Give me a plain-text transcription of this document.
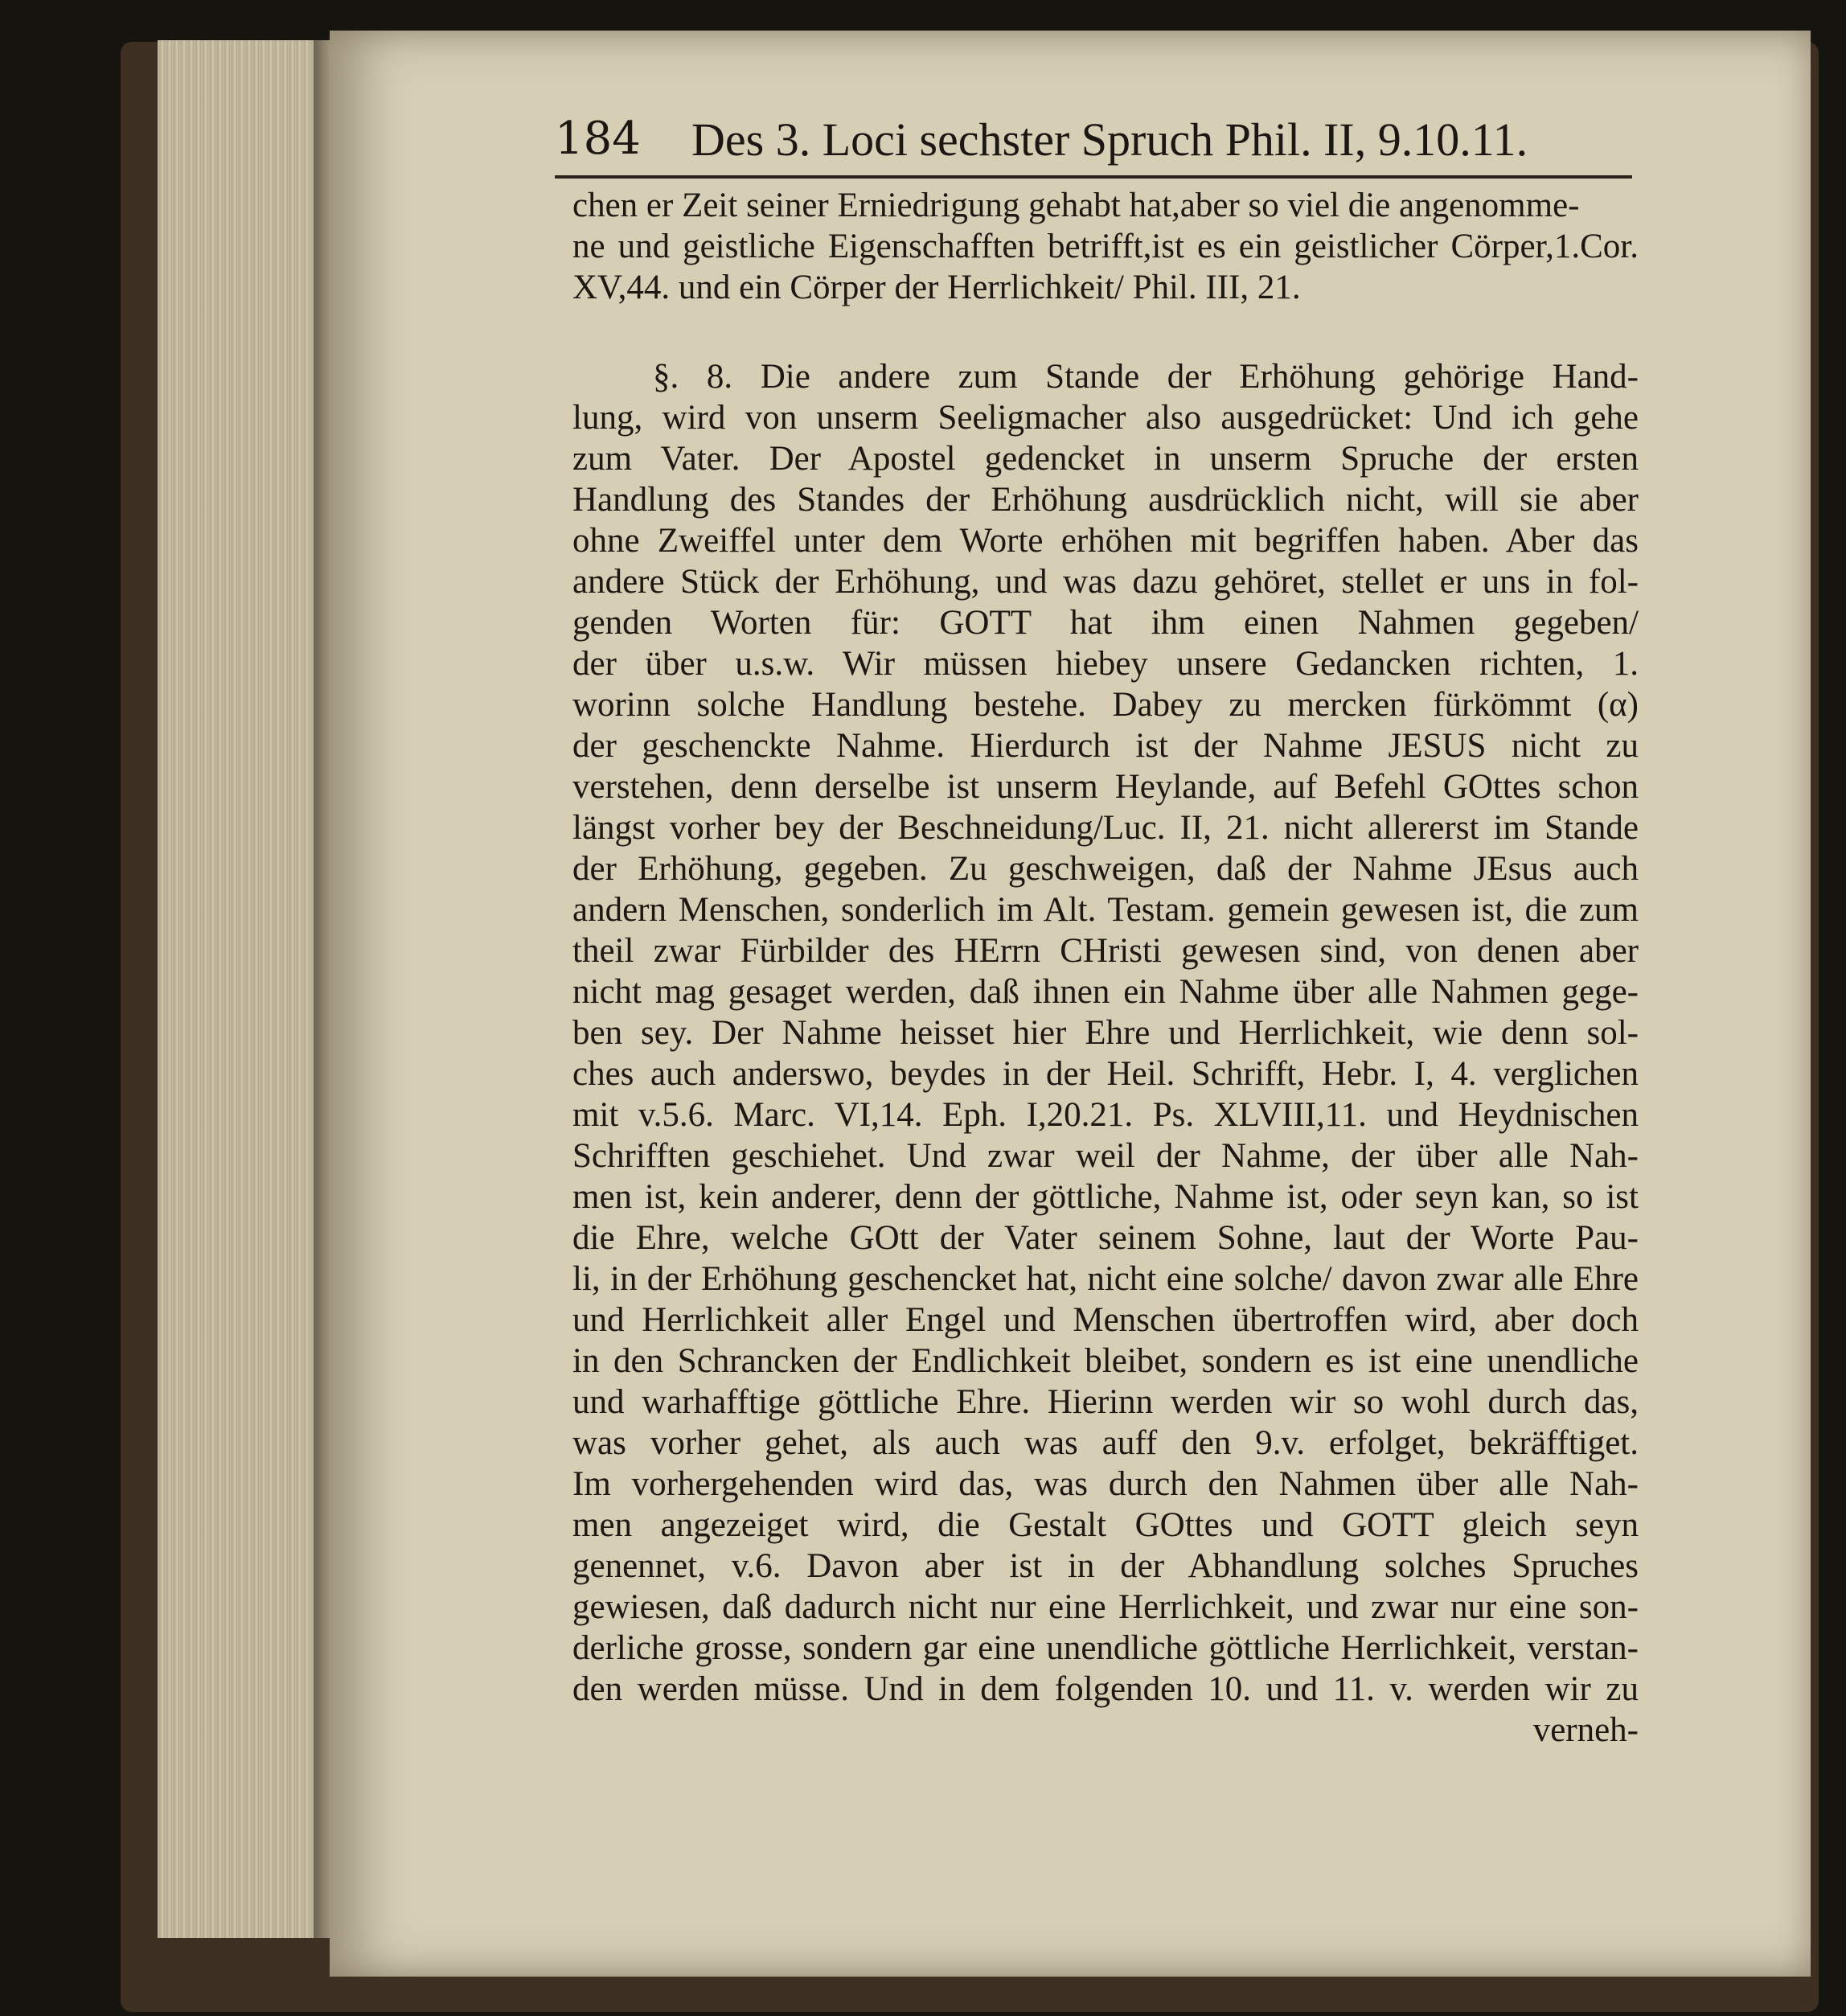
184 Des 3. Loci sechster Spruch Phil. II, 9.10.11.
chen er Zeit seiner Erniedrigung gehabt hat,aber so viel die angenomme-
ne und geistliche Eigenschafften betrifft,ist es ein geistlicher Cörper,1.Cor.
XV,44. und ein Cörper der Herrlichkeit/ Phil. III, 21.
§. 8. Die andere zum Stande der Erhöhung gehörige Hand-
lung, wird von unserm Seeligmacher also ausgedrücket: Und ich gehe
zum Vater. Der Apostel gedencket in unserm Spruche der ersten
Handlung des Standes der Erhöhung ausdrücklich nicht, will sie aber
ohne Zweiffel unter dem Worte erhöhen mit begriffen haben. Aber das
andere Stück der Erhöhung, und was dazu gehöret, stellet er uns in fol-
genden Worten für: GOTT hat ihm einen Nahmen gegeben/
der über u.s.w. Wir müssen hiebey unsere Gedancken richten, 1.
worinn solche Handlung bestehe. Dabey zu mercken fürkömmt (α)
der geschenckte Nahme. Hierdurch ist der Nahme JESUS nicht zu
verstehen, denn derselbe ist unserm Heylande, auf Befehl GOttes schon
längst vorher bey der Beschneidung/Luc. II, 21. nicht allererst im Stande
der Erhöhung, gegeben. Zu geschweigen, daß der Nahme JEsus auch
andern Menschen, sonderlich im Alt. Testam. gemein gewesen ist, die zum
theil zwar Fürbilder des HErrn CHristi gewesen sind, von denen aber
nicht mag gesaget werden, daß ihnen ein Nahme über alle Nahmen gege-
ben sey. Der Nahme heisset hier Ehre und Herrlichkeit, wie denn sol-
ches auch anderswo, beydes in der Heil. Schrifft, Hebr. I, 4. verglichen
mit v.5.6. Marc. VI,14. Eph. I,20.21. Ps. XLVIII,11. und Heydnischen
Schrifften geschiehet. Und zwar weil der Nahme, der über alle Nah-
men ist, kein anderer, denn der göttliche, Nahme ist, oder seyn kan, so ist
die Ehre, welche GOtt der Vater seinem Sohne, laut der Worte Pau-
li, in der Erhöhung geschencket hat, nicht eine solche/ davon zwar alle Ehre
und Herrlichkeit aller Engel und Menschen übertroffen wird, aber doch
in den Schrancken der Endlichkeit bleibet, sondern es ist eine unendliche
und warhafftige göttliche Ehre. Hierinn werden wir so wohl durch das,
was vorher gehet, als auch was auff den 9.v. erfolget, bekräfftiget.
Im vorhergehenden wird das, was durch den Nahmen über alle Nah-
men angezeiget wird, die Gestalt GOttes und GOTT gleich seyn
genennet, v.6. Davon aber ist in der Abhandlung solches Spruches
gewiesen, daß dadurch nicht nur eine Herrlichkeit, und zwar nur eine son-
derliche grosse, sondern gar eine unendliche göttliche Herrlichkeit, verstan-
den werden müsse. Und in dem folgenden 10. und 11. v. werden wir zu
verneh-
